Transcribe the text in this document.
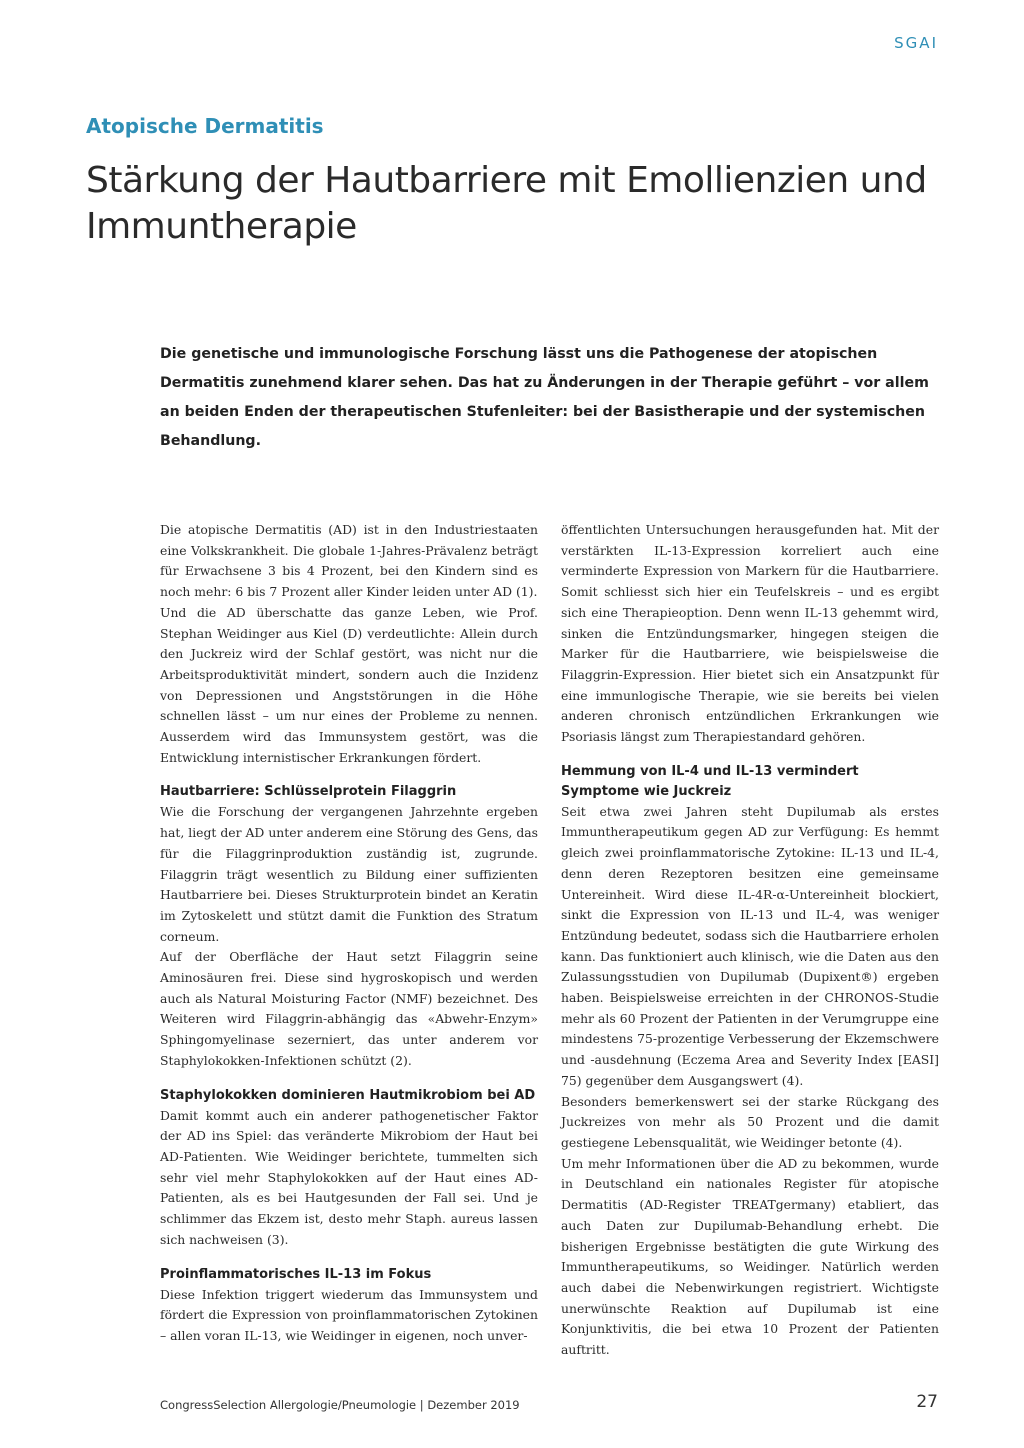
SGAI
Atopische Dermatitis
Stärkung der Hautbarriere mit Emollienzien und Immuntherapie

Die genetische und immunologische Forschung lässt uns die Pathogenese der atopischen Dermatitis zunehmend klarer sehen. Das hat zu Änderungen in der Therapie geführt – vor allem an beiden Enden der therapeutischen Stufenleiter: bei der Basistherapie und der systemischen Behandlung.

Die atopische Dermatitis (AD) ist in den Industriestaaten eine Volkskrankheit. Die globale 1-Jahres-Prävalenz beträgt für Erwachsene 3 bis 4 Prozent, bei den Kindern sind es noch mehr: 6 bis 7 Prozent aller Kinder leiden unter AD (1).

Und die AD überschatte das ganze Leben, wie Prof. Stephan Weidinger aus Kiel (D) verdeutlichte: Allein durch den Juckreiz wird der Schlaf gestört, was nicht nur die Arbeitsproduktivität mindert, sondern auch die Inzidenz von Depressionen und Angststörungen in die Höhe schnellen lässt – um nur eines der Probleme zu nennen. Ausserdem wird das Immunsystem gestört, was die Entwicklung internistischer Erkrankungen fördert.

Hautbarriere: Schlüsselprotein Filaggrin

Wie die Forschung der vergangenen Jahrzehnte ergeben hat, liegt der AD unter anderem eine Störung des Gens, das für die Filaggrinproduktion zuständig ist, zugrunde. Filaggrin trägt wesentlich zu Bildung einer suffizienten Hautbarriere bei. Dieses Strukturprotein bindet an Keratin im Zytoskelett und stützt damit die Funktion des Stratum corneum.

Auf der Oberfläche der Haut setzt Filaggrin seine Aminosäuren frei. Diese sind hygroskopisch und werden auch als Natural Moisturing Factor (NMF) bezeichnet. Des Weiteren wird Filaggrin-abhängig das «Abwehr-Enzym» Sphingomyelinase sezerniert, das unter anderem vor Staphylokokken-Infektionen schützt (2).

Staphylokokken dominieren Hautmikrobiom bei AD

Damit kommt auch ein anderer pathogenetischer Faktor der AD ins Spiel: das veränderte Mikrobiom der Haut bei AD-Patienten. Wie Weidinger berichtete, tummelten sich sehr viel mehr Staphylokokken auf der Haut eines AD-Patienten, als es bei Hautgesunden der Fall sei. Und je schlimmer das Ekzem ist, desto mehr Staph. aureus lassen sich nachweisen (3).

Proinflammatorisches IL-13 im Fokus

Diese Infektion triggert wiederum das Immunsystem und fördert die Expression von proinflammatorischen Zytokinen – allen voran IL-13, wie Weidinger in eigenen, noch unver-

öffentlichten Untersuchungen herausgefunden hat. Mit der verstärkten IL-13-Expression korreliert auch eine verminderte Expression von Markern für die Hautbarriere. Somit schliesst sich hier ein Teufelskreis – und es ergibt sich eine Therapieoption. Denn wenn IL-13 gehemmt wird, sinken die Entzündungsmarker, hingegen steigen die Marker für die Hautbarriere, wie beispielsweise die Filaggrin-Expression. Hier bietet sich ein Ansatzpunkt für eine immunlogische Therapie, wie sie bereits bei vielen anderen chronisch entzündlichen Erkrankungen wie Psoriasis längst zum Therapiestandard gehören.

Hemmung von IL-4 und IL-13 vermindert Symptome wie Juckreiz

Seit etwa zwei Jahren steht Dupilumab als erstes Immuntherapeutikum gegen AD zur Verfügung: Es hemmt gleich zwei proinflammatorische Zytokine: IL-13 und IL-4, denn deren Rezeptoren besitzen eine gemeinsame Untereinheit. Wird diese IL-4R-α-Untereinheit blockiert, sinkt die Expression von IL-13 und IL-4, was weniger Entzündung bedeutet, sodass sich die Hautbarriere erholen kann. Das funktioniert auch klinisch, wie die Daten aus den Zulassungsstudien von Dupilumab (Dupixent®) ergeben haben. Beispielsweise erreichten in der CHRONOS-Studie mehr als 60 Prozent der Patienten in der Verumgruppe eine mindestens 75-prozentige Verbesserung der Ekzemschwere und -ausdehnung (Eczema Area and Severity Index [EASI] 75) gegenüber dem Ausgangswert (4).

Besonders bemerkenswert sei der starke Rückgang des Juckreizes von mehr als 50 Prozent und die damit gestiegene Lebensqualität, wie Weidinger betonte (4).

Um mehr Informationen über die AD zu bekommen, wurde in Deutschland ein nationales Register für atopische Dermatitis (AD-Register TREATgermany) etabliert, das auch Daten zur Dupilumab-Behandlung erhebt. Die bisherigen Ergebnisse bestätigten die gute Wirkung des Immuntherapeutikums, so Weidinger. Natürlich werden auch dabei die Nebenwirkungen registriert. Wichtigste unerwünschte Reaktion auf Dupilumab ist eine Konjunktivitis, die bei etwa 10 Prozent der Patienten auftritt.

CongressSelection Allergologie/Pneumologie | Dezember 2019	27
